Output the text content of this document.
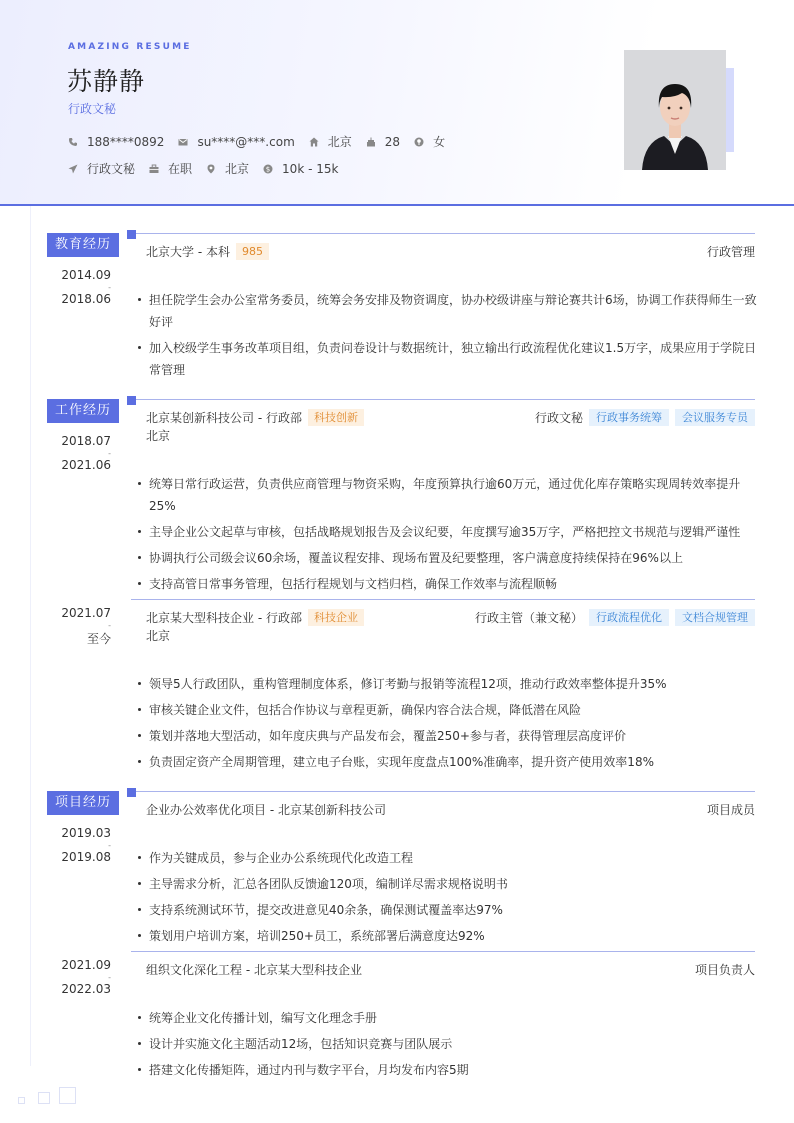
AMAZING RESUME
苏静静
行政文秘
188****0892	su****@***.com	北京	28	女
行政文秘	在职	北京 $ 10k - 15k
教育经历
2014.09
-
2018.06
北京大学 - 本科	985	行政管理
担任院学生会办公室常务委员，统筹会务安排及物资调度，协办校级讲座与辩论赛共计6场，协调工作获得师生一致好评
加入校级学生事务改革项目组，负责问卷设计与数据统计，独立输出行政流程优化建议1.5万字，成果应用于学院日常管理
工作经历
2018.07
-
2021.06
北京某创新科技公司 - 行政部	科技创新	行政文秘	行政事务统筹	会议服务专员
北京
统筹日常行政运营，负责供应商管理与物资采购，年度预算执行逾60万元，通过优化库存策略实现周转效率提升25%
主导企业公文起草与审核，包括战略规划报告及会议纪要，年度撰写逾35万字，严格把控文书规范与逻辑严谨性
协调执行公司级会议60余场，覆盖议程安排、现场布置及纪要整理，客户满意度持续保持在96%以上
支持高管日常事务管理，包括行程规划与文档归档，确保工作效率与流程顺畅
2021.07
-
至今
北京某大型科技企业 - 行政部	科技企业	行政主管（兼文秘）	行政流程优化	文档合规管理
北京
领导5人行政团队，重构管理制度体系，修订考勤与报销等流程12项，推动行政效率整体提升35%
审核关键企业文件，包括合作协议与章程更新，确保内容合法合规，降低潜在风险
策划并落地大型活动，如年度庆典与产品发布会，覆盖250+参与者，获得管理层高度评价
负责固定资产全周期管理，建立电子台账，实现年度盘点100%准确率，提升资产使用效率18%
项目经历
2019.03
-
2019.08
企业办公效率优化项目 - 北京某创新科技公司	项目成员
作为关键成员，参与企业办公系统现代化改造工程
主导需求分析，汇总各团队反馈逾120项，编制详尽需求规格说明书
支持系统测试环节，提交改进意见40余条，确保测试覆盖率达97%
策划用户培训方案，培训250+员工，系统部署后满意度达92%
2021.09
-
2022.03
组织文化深化工程 - 北京某大型科技企业	项目负责人
统筹企业文化传播计划，编写文化理念手册
设计并实施文化主题活动12场，包括知识竞赛与团队展示
搭建文化传播矩阵，通过内刊与数字平台，月均发布内容5期
